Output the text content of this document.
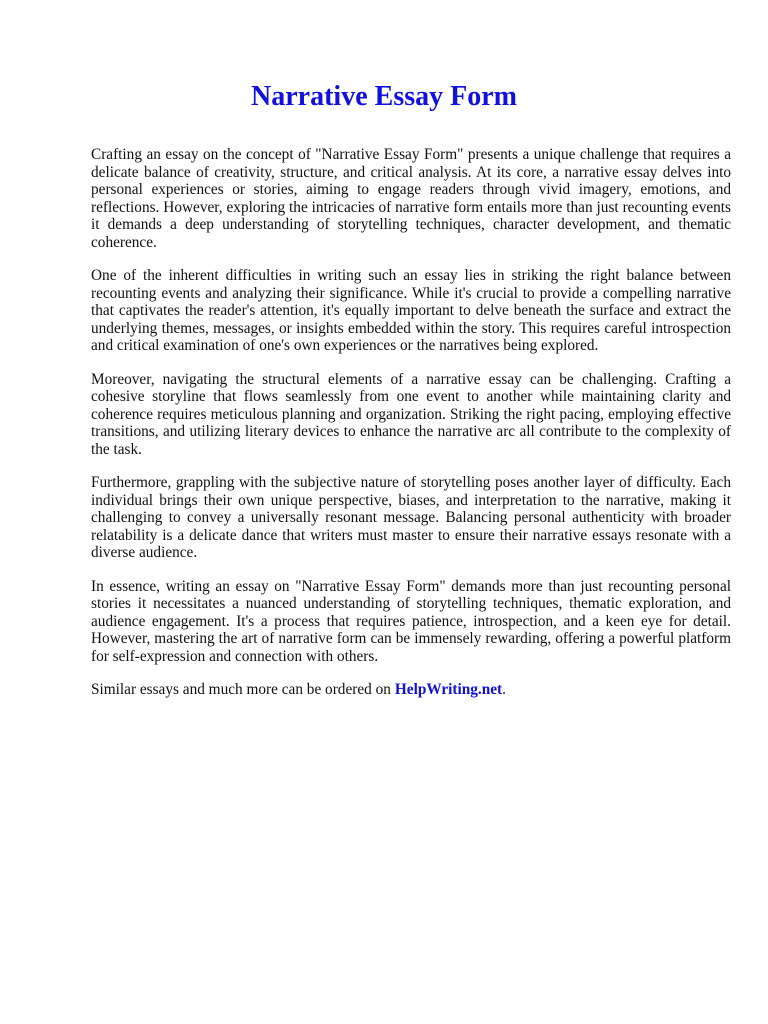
Narrative Essay Form

Crafting an essay on the concept of "Narrative Essay Form" presents a unique challenge that requires a delicate balance of creativity, structure, and critical analysis. At its core, a narrative essay delves into personal experiences or stories, aiming to engage readers through vivid imagery, emotions, and reflections. However, exploring the intricacies of narrative form entails more than just recounting events it demands a deep understanding of storytelling techniques, character development, and thematic coherence.

One of the inherent difficulties in writing such an essay lies in striking the right balance between recounting events and analyzing their significance. While it's crucial to provide a compelling narrative that captivates the reader's attention, it's equally important to delve beneath the surface and extract the underlying themes, messages, or insights embedded within the story. This requires careful introspection and critical examination of one's own experiences or the narratives being explored.

Moreover, navigating the structural elements of a narrative essay can be challenging. Crafting a cohesive storyline that flows seamlessly from one event to another while maintaining clarity and coherence requires meticulous planning and organization. Striking the right pacing, employing effective transitions, and utilizing literary devices to enhance the narrative arc all contribute to the complexity of the task.

Furthermore, grappling with the subjective nature of storytelling poses another layer of difficulty. Each individual brings their own unique perspective, biases, and interpretation to the narrative, making it challenging to convey a universally resonant message. Balancing personal authenticity with broader relatability is a delicate dance that writers must master to ensure their narrative essays resonate with a diverse audience.

In essence, writing an essay on "Narrative Essay Form" demands more than just recounting personal stories it necessitates a nuanced understanding of storytelling techniques, thematic exploration, and audience engagement. It's a process that requires patience, introspection, and a keen eye for detail. However, mastering the art of narrative form can be immensely rewarding, offering a powerful platform for self-expression and connection with others.

Similar essays and much more can be ordered on HelpWriting.net.
